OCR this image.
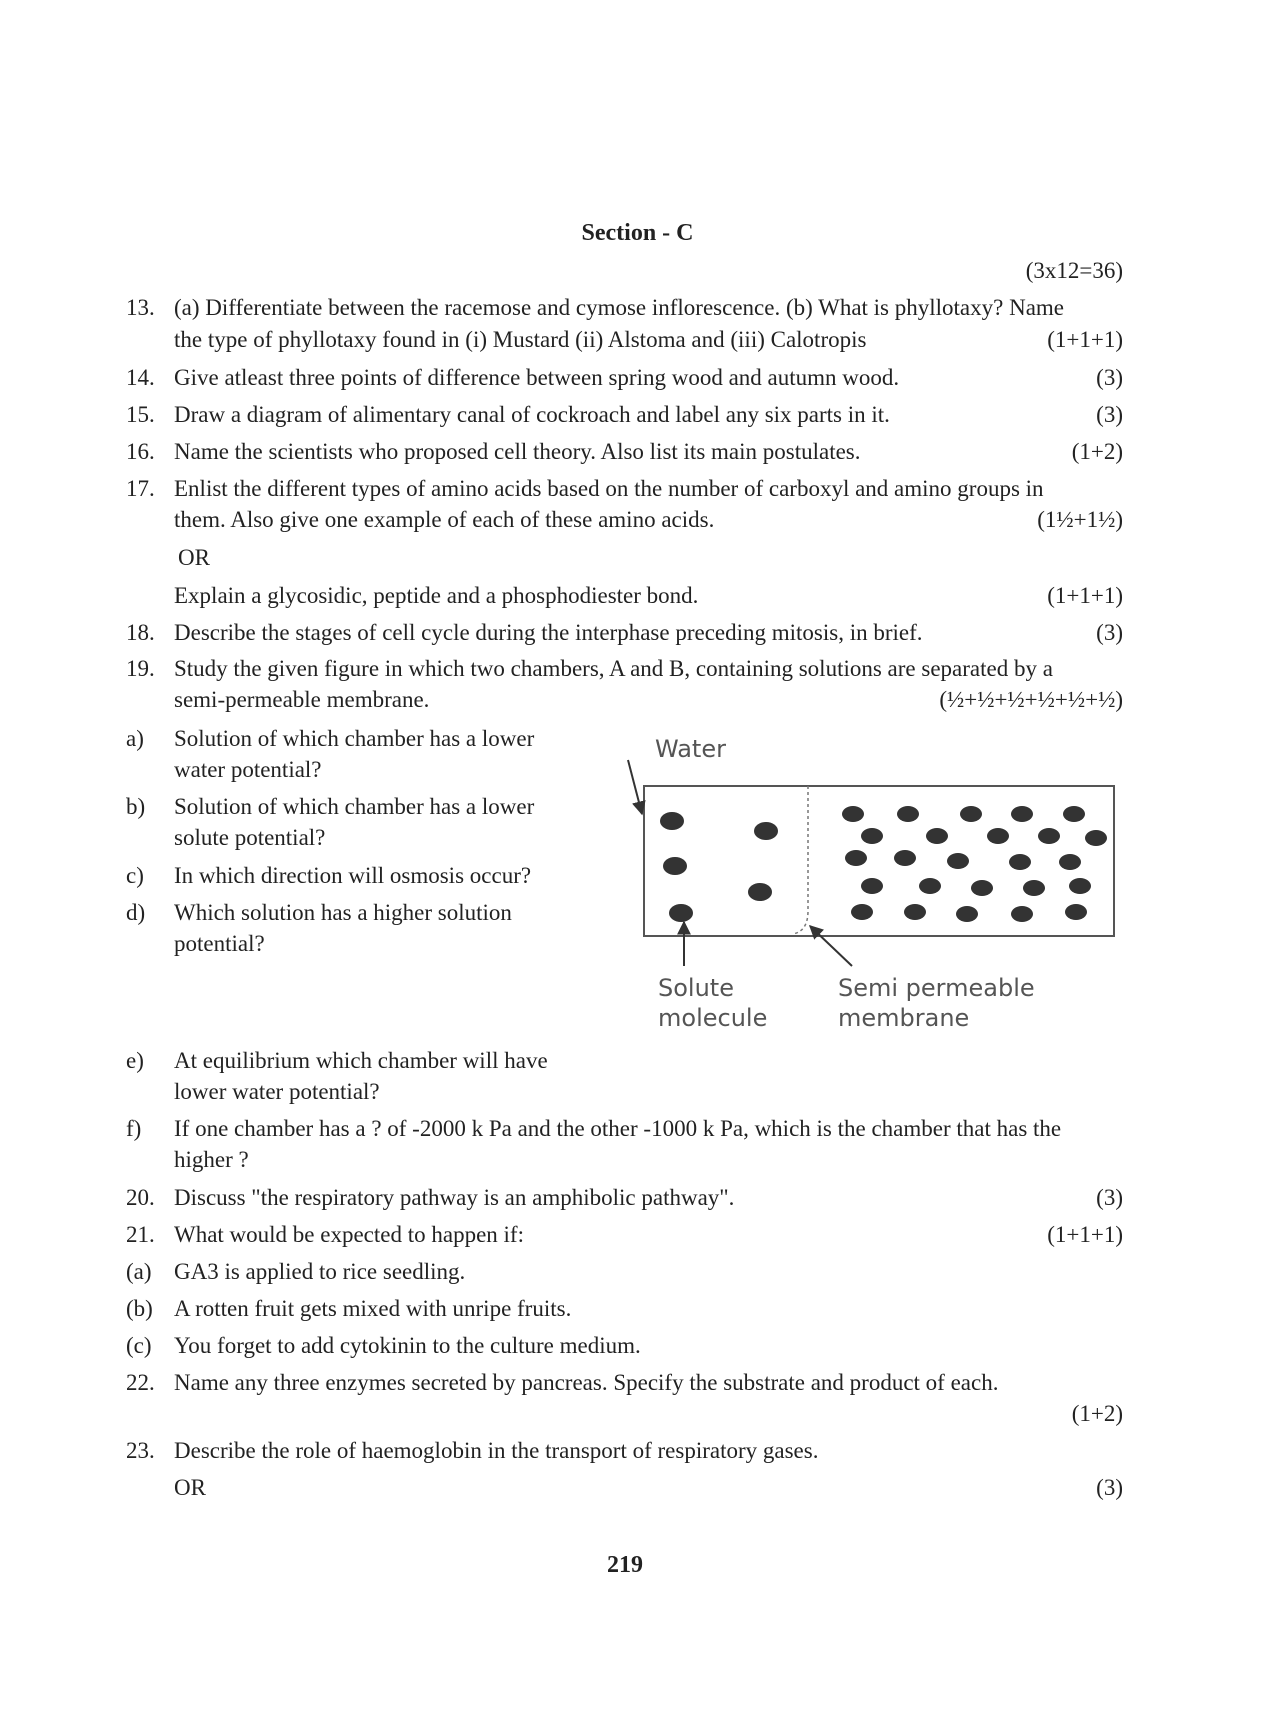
Section - C
(3x12=36)
13. (a) Differentiate between the racemose and cymose inflorescence. (b) What is phyllotaxy? Name
the type of phyllotaxy found in (i) Mustard (ii) Alstoma and (iii) Calotropis	(1+1+1)
14. Give atleast three points of difference between spring wood and autumn wood.	(3)
15. Draw a diagram of alimentary canal of cockroach and label any six parts in it.	(3)
16. Name the scientists who proposed cell theory. Also list its main postulates.	(1+2)
17. Enlist the different types of amino acids based on the number of carboxyl and amino groups in
them. Also give one example of each of these amino acids.	(1½+1½)
OR
Explain a glycosidic, peptide and a phosphodiester bond.	(1+1+1)
18. Describe the stages of cell cycle during the interphase preceding mitosis, in brief.	(3)
19. Study the given figure in which two chambers, A and B, containing solutions are separated by a
semi-permeable membrane.	(½+½+½+½+½+½)
a) Solution of which chamber has a lower
water potential?
b) Solution of which chamber has a lower
solute potential?
c) In which direction will osmosis occur?
d) Which solution has a higher solution
potential?
Water
Solute
molecule
Semi permeable
membrane
e) At equilibrium which chamber will have
lower water potential?
f) If one chamber has a ? of -2000 k Pa and the other -1000 k Pa, which is the chamber that has the
higher ?
20. Discuss "the respiratory pathway is an amphibolic pathway".	(3)
21. What would be expected to happen if:	(1+1+1)
(a) GA3 is applied to rice seedling.
(b) A rotten fruit gets mixed with unripe fruits.
(c) You forget to add cytokinin to the culture medium.
22. Name any three enzymes secreted by pancreas. Specify the substrate and product of each.
(1+2)
23. Describe the role of haemoglobin in the transport of respiratory gases.
OR	(3)
219
